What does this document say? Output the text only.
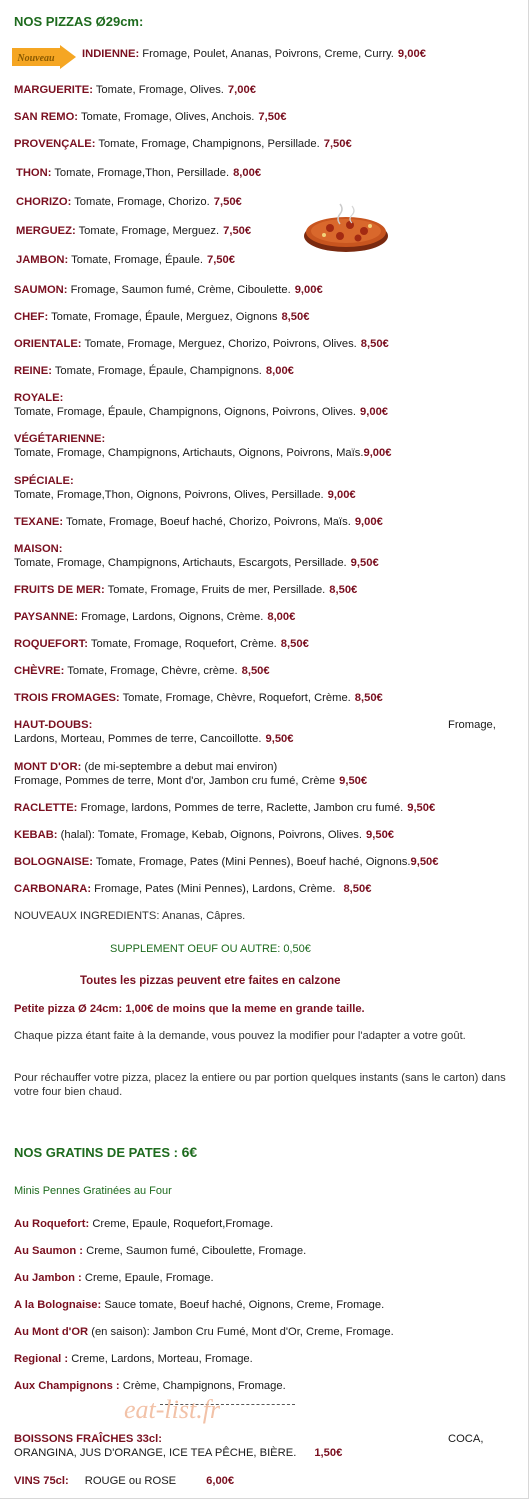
NOS PIZZAS Ø29cm:
Nouveau INDIENNE: Fromage, Poulet, Ananas, Poivrons, Creme, Curry. 9,00€
MARGUERITE: Tomate, Fromage, Olives. 7,00€
SAN REMO: Tomate, Fromage, Olives, Anchois. 7,50€
PROVENÇALE: Tomate, Fromage, Champignons, Persillade. 7,50€
THON: Tomate, Fromage,Thon, Persillade. 8,00€
CHORIZO: Tomate, Fromage, Chorizo. 7,50€
MERGUEZ: Tomate, Fromage, Merguez. 7,50€
JAMBON: Tomate, Fromage, Épaule. 7,50€
SAUMON: Fromage, Saumon fumé, Crème, Ciboulette. 9,00€
CHEF: Tomate, Fromage, Épaule, Merguez, Oignons 8,50€
ORIENTALE: Tomate, Fromage, Merguez, Chorizo, Poivrons, Olives. 8,50€
REINE: Tomate, Fromage, Épaule, Champignons. 8,00€
ROYALE:
Tomate, Fromage, Épaule, Champignons, Oignons, Poivrons, Olives. 9,00€
VÉGÉTARIENNE:
Tomate, Fromage, Champignons, Artichauts, Oignons, Poivrons, Maïs.9,00€
SPÉCIALE:
Tomate, Fromage,Thon, Oignons, Poivrons, Olives, Persillade. 9,00€
TEXANE: Tomate, Fromage, Boeuf haché, Chorizo, Poivrons, Maïs. 9,00€
MAISON:
Tomate, Fromage, Champignons, Artichauts, Escargots, Persillade. 9,50€
FRUITS DE MER: Tomate, Fromage, Fruits de mer, Persillade. 8,50€
PAYSANNE: Fromage, Lardons, Oignons, Crème. 8,00€
ROQUEFORT: Tomate, Fromage, Roquefort, Crème. 8,50€
CHÈVRE: Tomate, Fromage, Chèvre, crème. 8,50€
TROIS FROMAGES: Tomate, Fromage, Chèvre, Roquefort, Crème. 8,50€
HAUT-DOUBS:	Fromage,
Lardons, Morteau, Pommes de terre, Cancoillotte. 9,50€
MONT D'OR: (de mi-septembre a debut mai environ)
Fromage, Pommes de terre, Mont d'or, Jambon cru fumé, Crème 9,50€
RACLETTE: Fromage, lardons, Pommes de terre, Raclette, Jambon cru fumé. 9,50€
KEBAB: (halal): Tomate, Fromage, Kebab, Oignons, Poivrons, Olives. 9,50€
BOLOGNAISE: Tomate, Fromage, Pates (Mini Pennes), Boeuf haché, Oignons.9,50€
CARBONARA: Fromage, Pates (Mini Pennes), Lardons, Crème. 8,50€
NOUVEAUX INGREDIENTS: Ananas, Câpres.
SUPPLEMENT OEUF OU AUTRE: 0,50€
Toutes les pizzas peuvent etre faites en calzone
Petite pizza Ø 24cm: 1,00€ de moins que la meme en grande taille.
Chaque pizza étant faite à la demande, vous pouvez la modifier pour l'adapter a votre goût.
Pour réchauffer votre pizza, placez la entiere ou par portion quelques instants (sans le carton) dans votre four bien chaud.
NOS GRATINS DE PATES : 6€
Minis Pennes Gratinées au Four
Au Roquefort: Creme, Epaule, Roquefort,Fromage.
Au Saumon : Creme, Saumon fumé, Ciboulette, Fromage.
Au Jambon : Creme, Epaule, Fromage.
A la Bolognaise: Sauce tomate, Boeuf haché, Oignons, Creme, Fromage.
Au Mont d'OR (en saison): Jambon Cru Fumé, Mont d'Or, Creme, Fromage.
Regional : Creme, Lardons, Morteau, Fromage.
Aux Champignons : Crème, Champignons, Fromage.
eat-list.fr
BOISSONS FRAÎCHES 33cl:	COCA,
ORANGINA, JUS D'ORANGE, ICE TEA PÊCHE, BIÈRE. 1,50€
VINS 75cl: ROUGE ou ROSE	6,00€
